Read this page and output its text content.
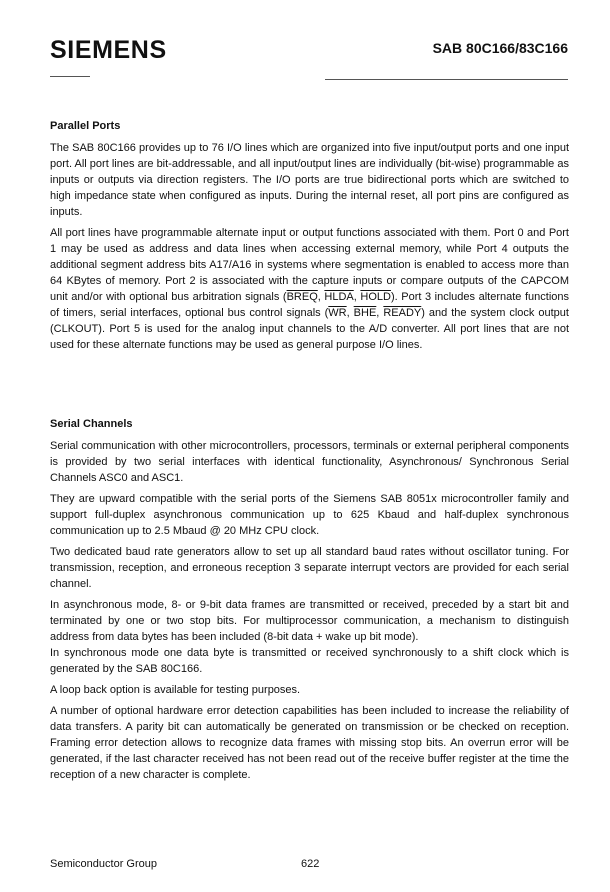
SIEMENS	SAB 80C166/83C166

Parallel Ports

The SAB 80C166 provides up to 76 I/O lines which are organized into five input/output ports and one input port. All port lines are bit-addressable, and all input/output lines are individually (bit-wise) programmable as inputs or outputs via direction registers. The I/O ports are true bidirectional ports which are switched to high impedance state when configured as inputs. During the internal reset, all port pins are configured as inputs.

All port lines have programmable alternate input or output functions associated with them. Port 0 and Port 1 may be used as address and data lines when accessing external memory, while Port 4 outputs the additional segment address bits A17/A16 in systems where segmentation is enabled to access more than 64 KBytes of memory. Port 2 is associated with the capture inputs or compare outputs of the CAPCOM unit and/or with optional bus arbitration signals (BREQ, HLDA, HOLD). Port 3 includes alternate functions of timers, serial interfaces, optional bus control signals ($\overline{WR}$, $\overline{BHE}$, READY) and the system clock output (CLKOUT). Port 5 is used for the analog input channels to the A/D converter. All port lines that are not used for these alternate functions may be used as general purpose I/O lines.

Serial Channels

Serial communication with other microcontrollers, processors, terminals or external peripheral components is provided by two serial interfaces with identical functionality, Asynchronous/ Synchronous Serial Channels ASC0 and ASC1.

They are upward compatible with the serial ports of the Siemens SAB 8051x microcontroller family and support full-duplex asynchronous communication up to 625 Kbaud and half-duplex synchronous communication up to 2.5 Mbaud @ 20 MHz CPU clock.

Two dedicated baud rate generators allow to set up all standard baud rates without oscillator tuning. For transmission, reception, and erroneous reception 3 separate interrupt vectors are provided for each serial channel.

In asynchronous mode, 8- or 9-bit data frames are transmitted or received, preceded by a start bit and terminated by one or two stop bits. For multiprocessor communication, a mechanism to distinguish address from data bytes has been included (8-bit data + wake up bit mode).

In synchronous mode one data byte is transmitted or received synchronously to a shift clock which is generated by the SAB 80C166.

A loop back option is available for testing purposes.

A number of optional hardware error detection capabilities has been included to increase the reliability of data transfers. A parity bit can automatically be generated on transmission or be checked on reception. Framing error detection allows to recognize data frames with missing stop bits. An overrun error will be generated, if the last character received has not been read out of the receive buffer register at the time the reception of a new character is complete.

Semiconductor Group	622
